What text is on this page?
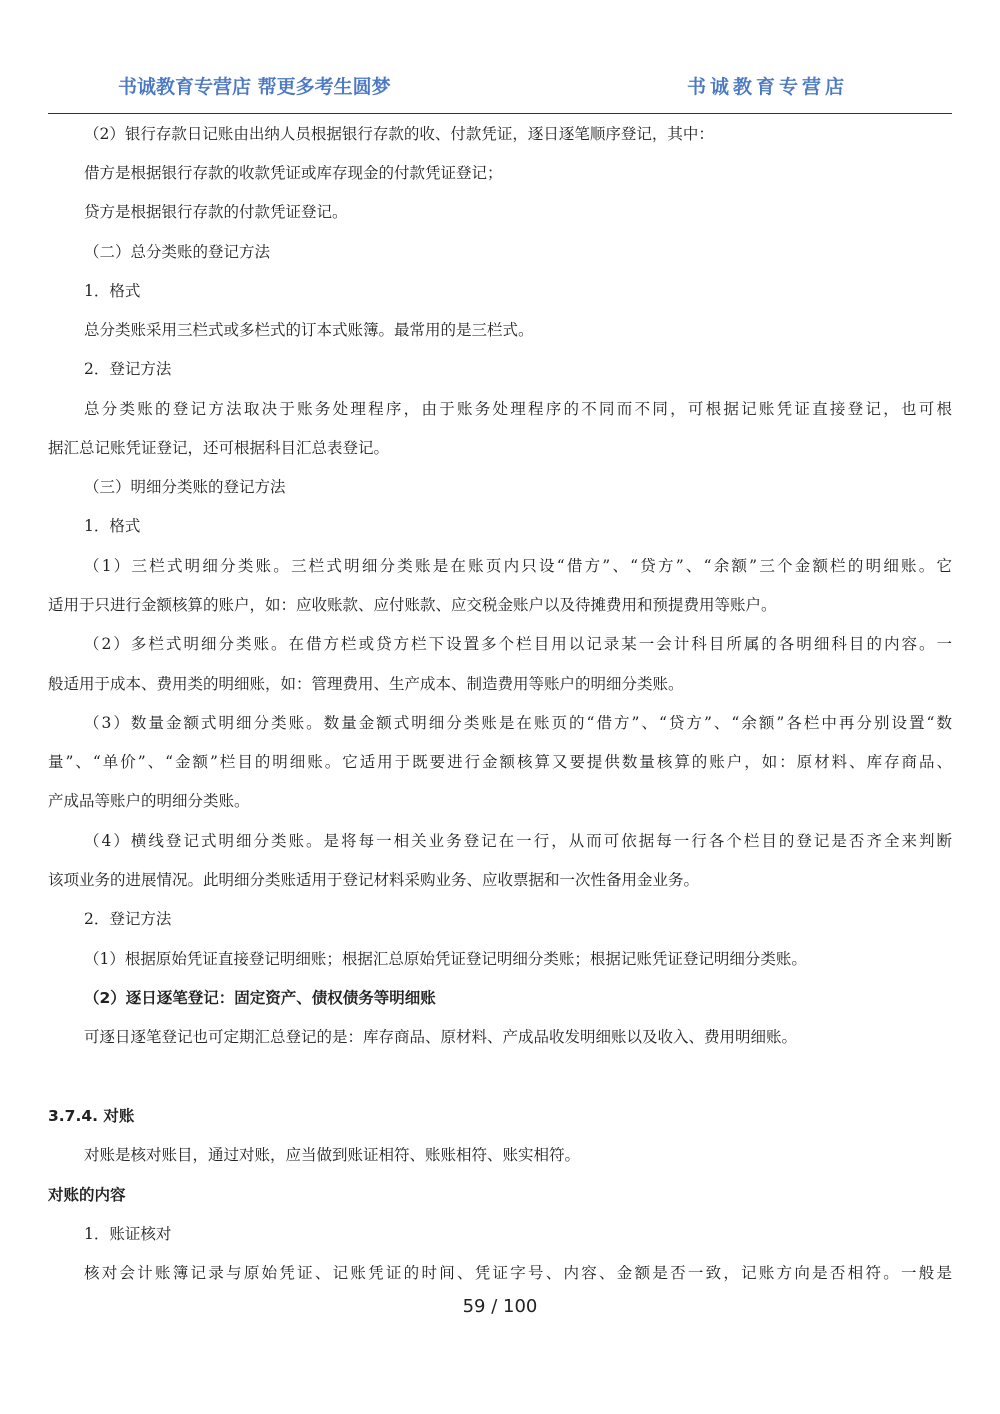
书诚教育专营店 帮更多考生圆梦	书诚教育专营店
（2）银行存款日记账由出纳人员根据银行存款的收、付款凭证，逐日逐笔顺序登记，其中：
借方是根据银行存款的收款凭证或库存现金的付款凭证登记；
贷方是根据银行存款的付款凭证登记。
（二）总分类账的登记方法
1．格式
总分类账采用三栏式或多栏式的订本式账簿。最常用的是三栏式。
2．登记方法
总分类账的登记方法取决于账务处理程序，由于账务处理程序的不同而不同，可根据记账凭证直接登记，也可根
据汇总记账凭证登记，还可根据科目汇总表登记。
（三）明细分类账的登记方法
1．格式
（1）三栏式明细分类账。三栏式明细分类账是在账页内只设“借方”、“贷方”、“余额”三个金额栏的明细账。它
适用于只进行金额核算的账户，如：应收账款、应付账款、应交税金账户以及待摊费用和预提费用等账户。
（2）多栏式明细分类账。在借方栏或贷方栏下设置多个栏目用以记录某一会计科目所属的各明细科目的内容。一
般适用于成本、费用类的明细账，如：管理费用、生产成本、制造费用等账户的明细分类账。
（3）数量金额式明细分类账。数量金额式明细分类账是在账页的“借方”、“贷方”、“余额”各栏中再分别设置“数
量”、“单价”、“金额”栏目的明细账。它适用于既要进行金额核算又要提供数量核算的账户，如：原材料、库存商品、
产成品等账户的明细分类账。
（4）横线登记式明细分类账。是将每一相关业务登记在一行，从而可依据每一行各个栏目的登记是否齐全来判断
该项业务的进展情况。此明细分类账适用于登记材料采购业务、应收票据和一次性备用金业务。
2．登记方法
（1）根据原始凭证直接登记明细账；根据汇总原始凭证登记明细分类账；根据记账凭证登记明细分类账。
（2）逐日逐笔登记：固定资产、债权债务等明细账
可逐日逐笔登记也可定期汇总登记的是：库存商品、原材料、产成品收发明细账以及收入、费用明细账。
3.7.4. 对账
对账是核对账目，通过对账，应当做到账证相符、账账相符、账实相符。
对账的内容
1．账证核对
核对会计账簿记录与原始凭证、记账凭证的时间、凭证字号、内容、金额是否一致，记账方向是否相符。一般是
59 / 100
